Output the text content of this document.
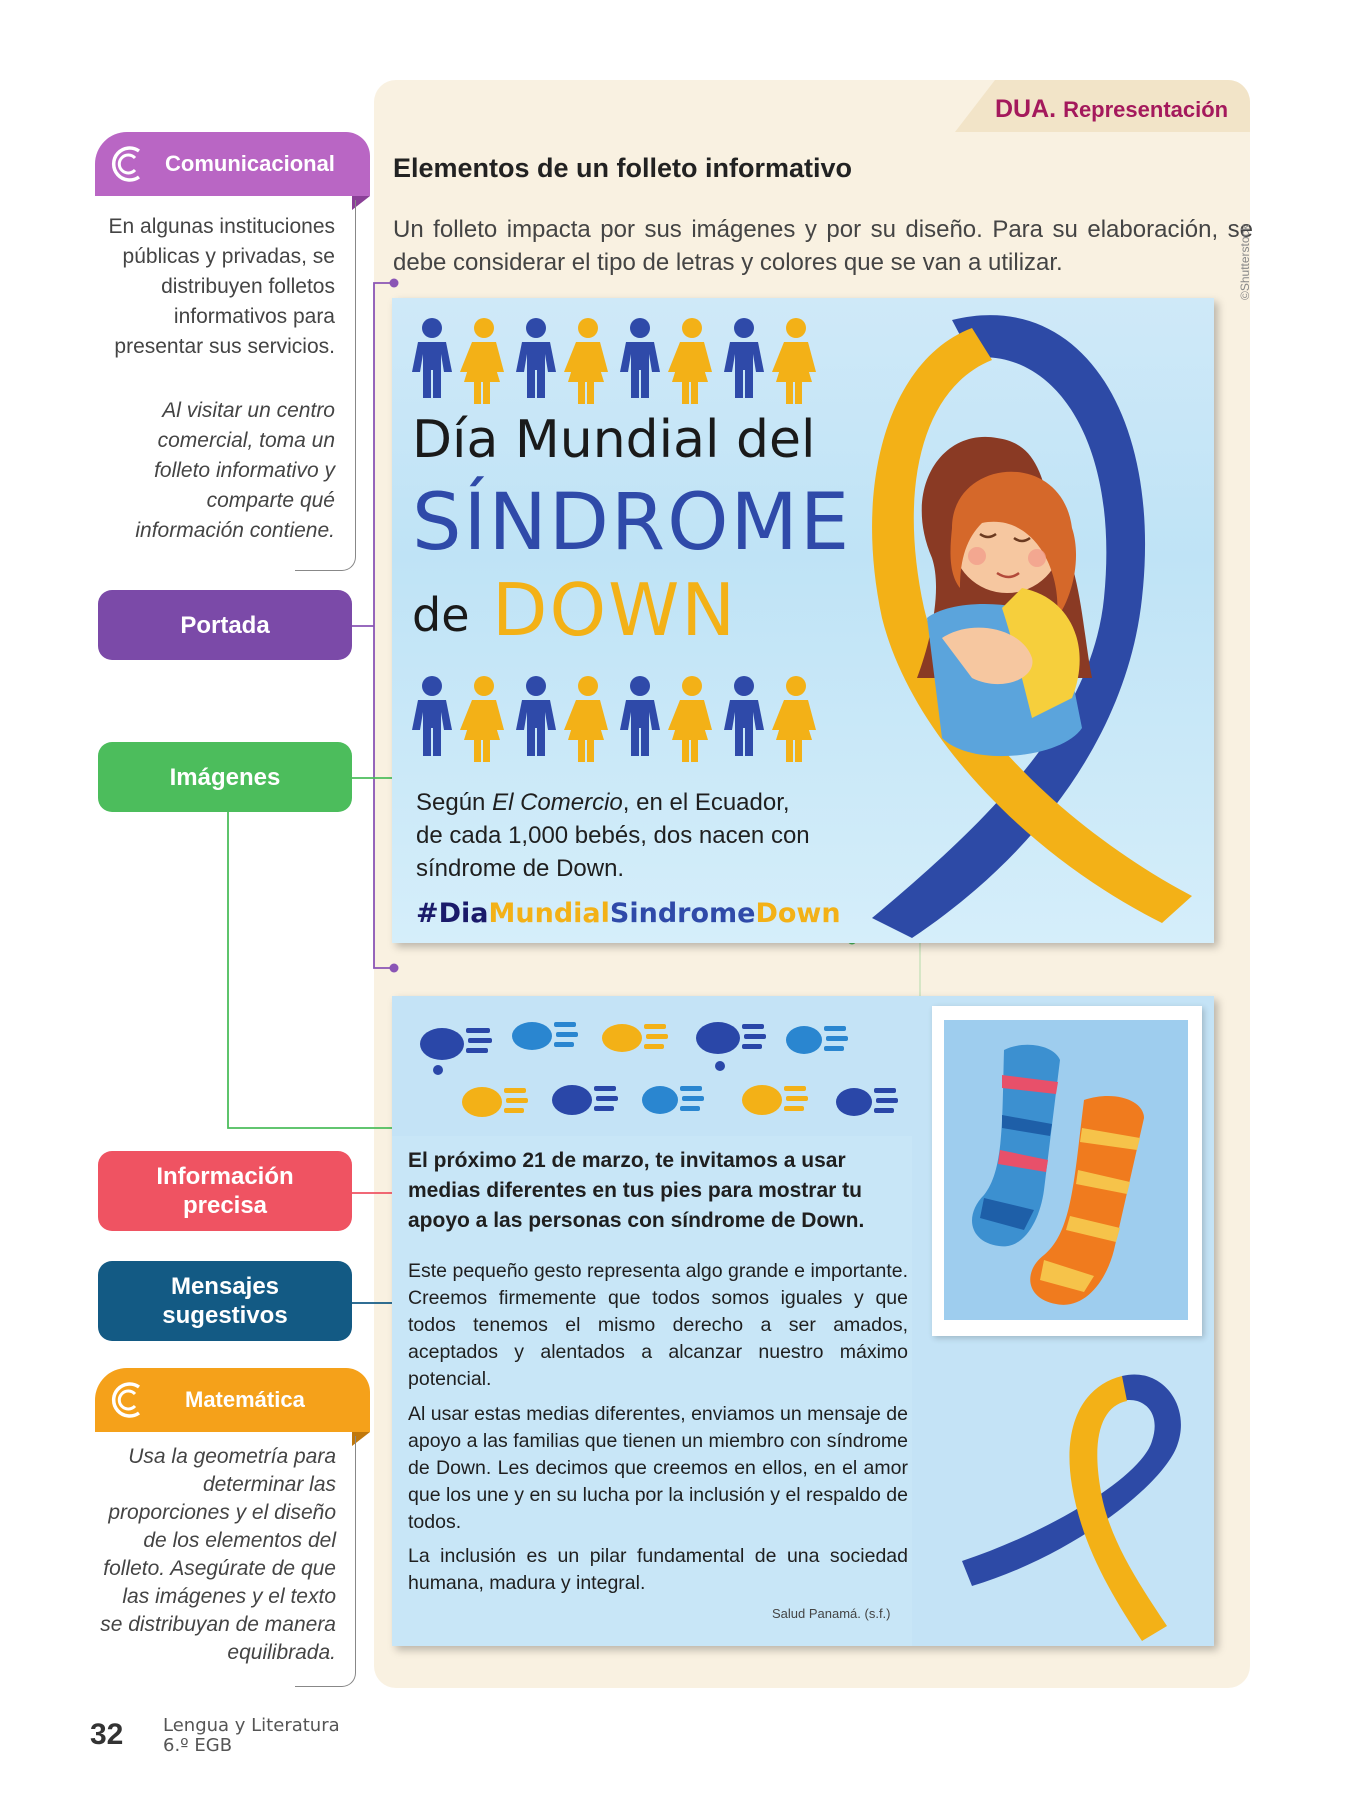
DUA. Representación
Elementos de un folleto informativo
Un folleto impacta por sus imágenes y por su diseño. Para su elaboración, se debe considerar el tipo de letras y colores que se van a utilizar.	©Shutterstock
Comunicacional
En algunas instituciones públicas y privadas, se distribuyen folletos informativos para presentar sus servicios.
Al visitar un centro comercial, toma un folleto informativo y comparte qué información contiene.
Portada
Imágenes
Información
precisa
Mensajes
sugestivos
Matemática
Usa la geometría para determinar las proporciones y el diseño de los elementos del folleto. Asegúrate de que las imágenes y el texto se distribuyan de manera equilibrada.
Día Mundial del
SÍNDROME
de DOWN
Según El Comercio, en el Ecuador, de cada 1,000 bebés, dos nacen con síndrome de Down.
#DiaMundialSindromeDown
El próximo 21 de marzo, te invitamos a usar medias diferentes en tus pies para mostrar tu apoyo a las personas con síndrome de Down.
Este pequeño gesto representa algo grande e importante. Creemos firmemente que todos somos iguales y que todos tenemos el mismo derecho a ser amados, aceptados y alentados a alcanzar nuestro máximo potencial.
Al usar estas medias diferentes, enviamos un mensaje de apoyo a las familias que tienen un miembro con síndrome de Down. Les decimos que creemos en ellos, en el amor que los une y en su lucha por la inclusión y el respaldo de todos.
La inclusión es un pilar fundamental de una sociedad humana, madura y integral.
Salud Panamá. (s.f.)
32 Lengua y Literatura
6.º EGB
